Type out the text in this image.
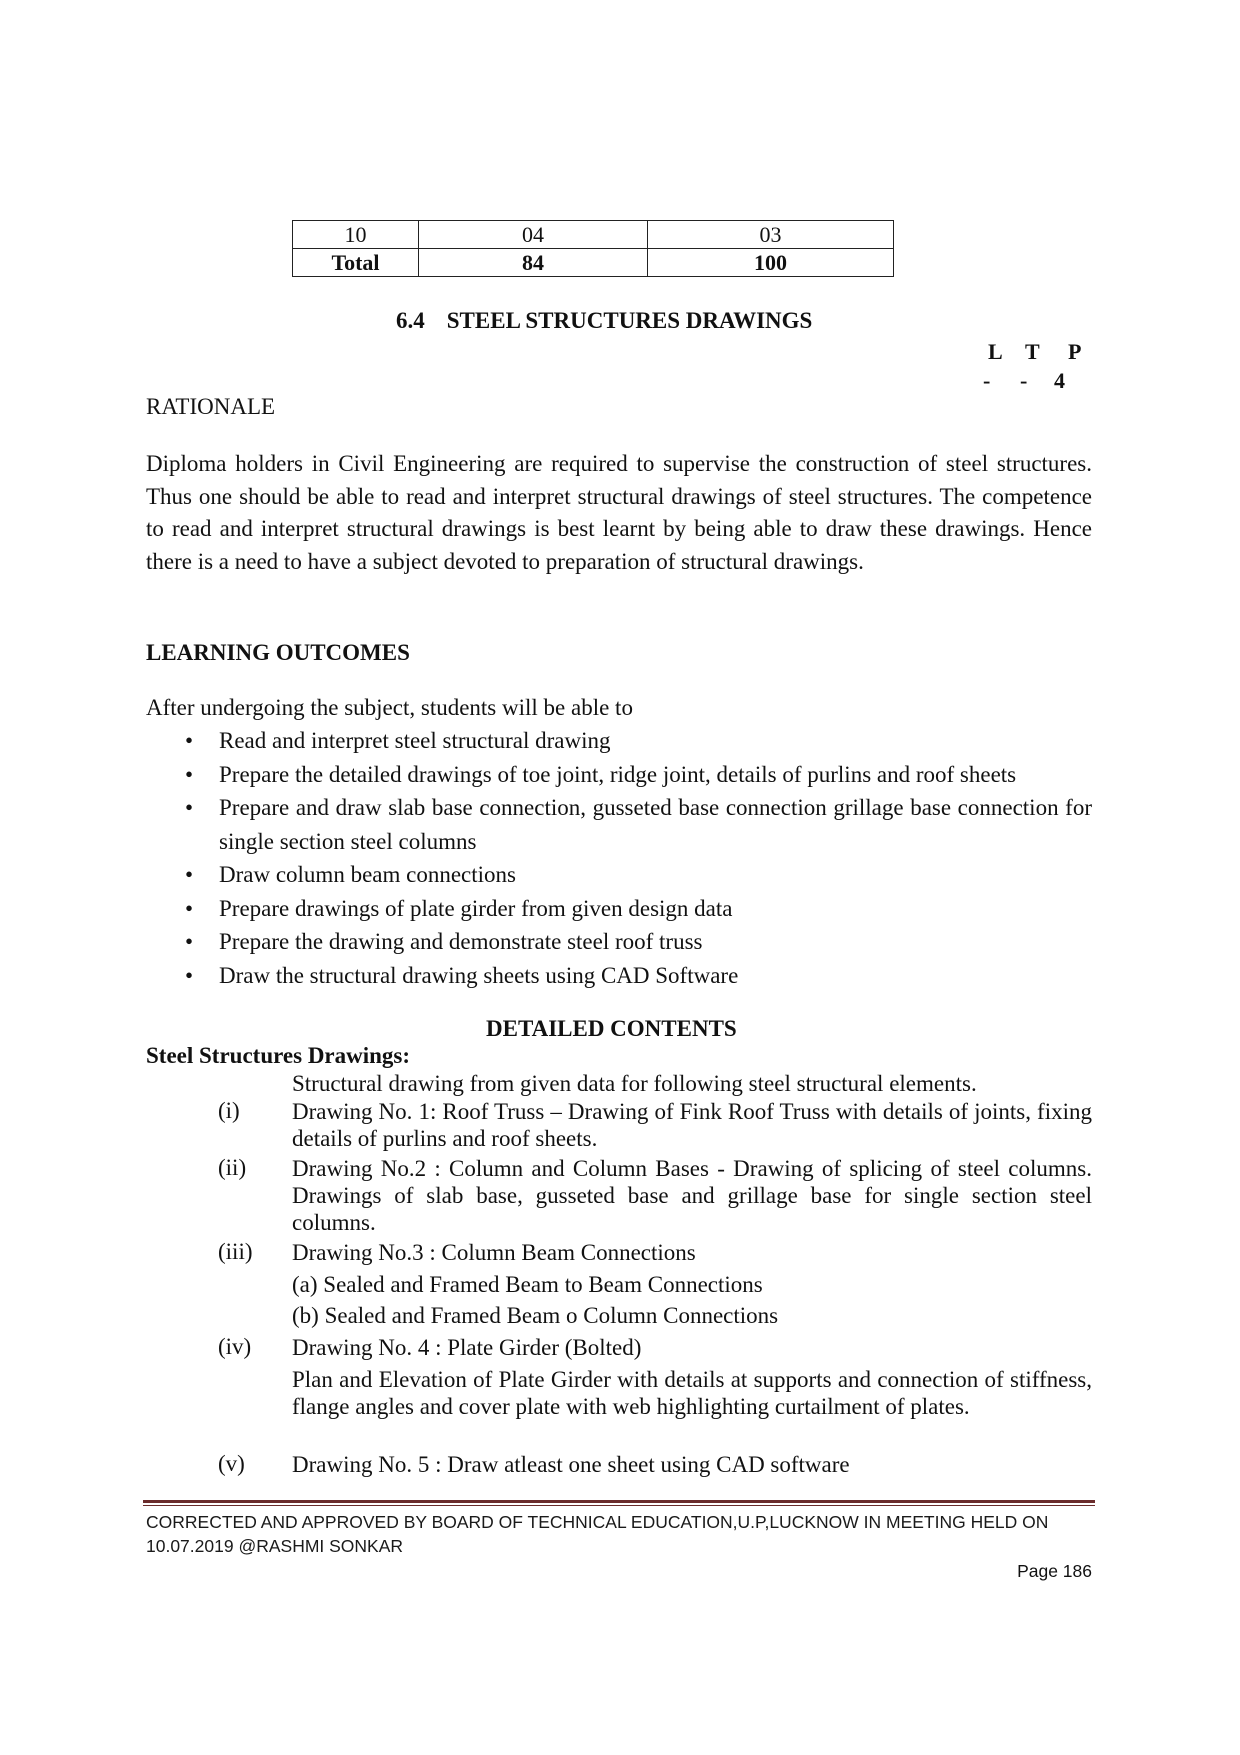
10	04	03
Total	84	100
6.4 STEEL STRUCTURES DRAWINGS
L T P
- - 4
RATIONALE
Diploma holders in Civil Engineering are required to supervise the construction of steel structures. Thus one should be able to read and interpret structural drawings of steel structures. The competence to read and interpret structural drawings is best learnt by being able to draw these drawings. Hence there is a need to have a subject devoted to preparation of structural drawings.
LEARNING OUTCOMES
After undergoing the subject, students will be able to
• Read and interpret steel structural drawing
• Prepare the detailed drawings of toe joint, ridge joint, details of purlins and roof sheets
• Prepare and draw slab base connection, gusseted base connection grillage base connection for single section steel columns
• Draw column beam connections
• Prepare drawings of plate girder from given design data
• Prepare the drawing and demonstrate steel roof truss
• Draw the structural drawing sheets using CAD Software
DETAILED CONTENTS
Steel Structures Drawings:
Structural drawing from given data for following steel structural elements.
(i) Drawing No. 1: Roof Truss – Drawing of Fink Roof Truss with details of joints, fixing details of purlins and roof sheets.
(ii) Drawing No.2 : Column and Column Bases - Drawing of splicing of steel columns. Drawings of slab base, gusseted base and grillage base for single section steel columns.
(iii) Drawing No.3 : Column Beam Connections
(a) Sealed and Framed Beam to Beam Connections
(b) Sealed and Framed Beam o Column Connections
(iv) Drawing No. 4 : Plate Girder (Bolted)
Plan and Elevation of Plate Girder with details at supports and connection of stiffness, flange angles and cover plate with web highlighting curtailment of plates.
(v) Drawing No. 5 : Draw atleast one sheet using CAD software
CORRECTED AND APPROVED BY BOARD OF TECHNICAL EDUCATION,U.P,LUCKNOW IN MEETING HELD ON
10.07.2019 @RASHMI SONKAR
Page 186
